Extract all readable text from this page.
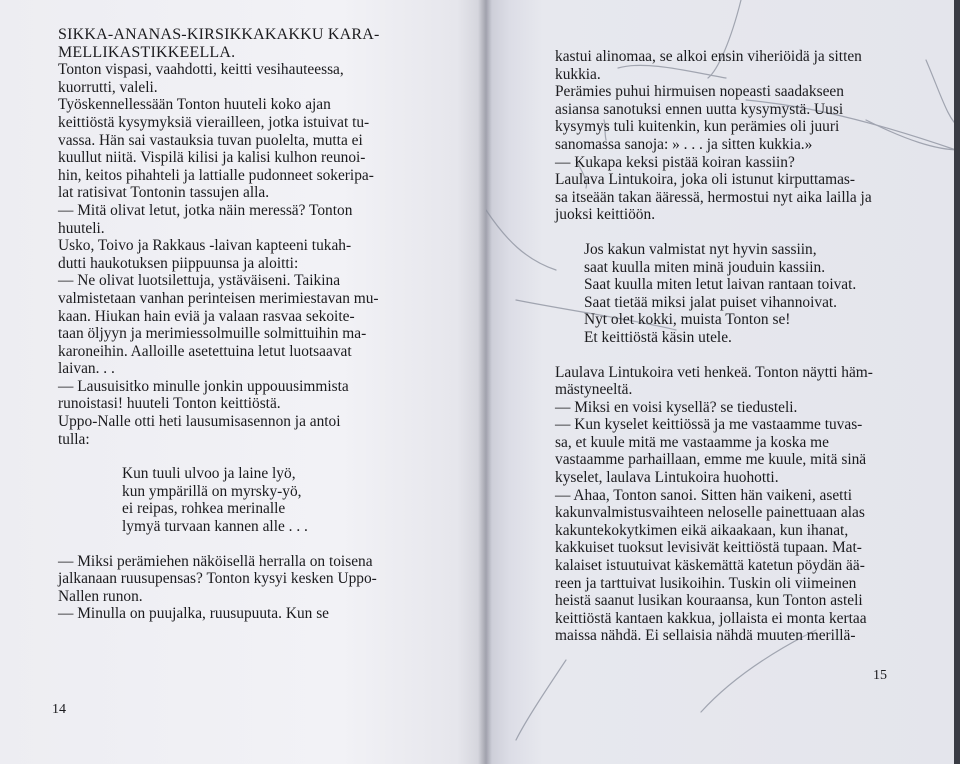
SIKKA-ANANAS-KIRSIKKAKAKKU KARA-
MELLIKASTIKKEELLA.
Tonton vispasi, vaahdotti, keitti vesihauteessa,
kuorrutti, valeli.
Työskennellessään Tonton huuteli koko ajan
keittiöstä kysymyksiä vierailleen, jotka istuivat tu-
vassa. Hän sai vastauksia tuvan puolelta, mutta ei
kuullut niitä. Vispilä kilisi ja kalisi kulhon reunoi-
hin, keitos pihahteli ja lattialle pudonneet sokeripa-
lat ratisivat Tontonin tassujen alla.
— Mitä olivat letut, jotka näin meressä? Tonton
huuteli.
Usko, Toivo ja Rakkaus -laivan kapteeni tukah-
dutti haukotuksen piippuunsa ja aloitti:
— Ne olivat luotsilettuja, ystäväiseni. Taikina
valmistetaan vanhan perinteisen merimiestavan mu-
kaan. Hiukan hain eviä ja valaan rasvaa sekoite-
taan öljyyn ja merimiessolmuille solmittuihin ma-
karoneihin. Aalloille asetettuina letut luotsaavat
laivan. . .
— Lausuisitko minulle jonkin uppouusimmista
runoistasi! huuteli Tonton keittiöstä.
Uppo-Nalle otti heti lausumisasennon ja antoi
tulla:
Kun tuuli ulvoo ja laine lyö,
kun ympärillä on myrsky-yö,
ei reipas, rohkea merinalle
lymyä turvaan kannen alle . . .
— Miksi perämiehen näköisellä herralla on toisena
jalkanaan ruusupensas? Tonton kysyi kesken Uppo-
Nallen runon.
— Minulla on puujalka, ruusupuuta. Kun se
14
kastui alinomaa, se alkoi ensin viheriöidä ja sitten
kukkia.
Perämies puhui hirmuisen nopeasti saadakseen
asiansa sanotuksi ennen uutta kysymystä. Uusi
kysymys tuli kuitenkin, kun perämies oli juuri
sanomassa sanoja: » . . . ja sitten kukkia.»
— Kukapa keksi pistää koiran kassiin?
Laulava Lintukoira, joka oli istunut kirputtamas-
sa itseään takan ääressä, hermostui nyt aika lailla ja
juoksi keittiöön.
Jos kakun valmistat nyt hyvin sassiin,
saat kuulla miten minä jouduin kassiin.
Saat kuulla miten letut laivan rantaan toivat.
Saat tietää miksi jalat puiset vihannoivat.
Nyt olet kokki, muista Tonton se!
Et keittiöstä käsin utele.
Laulava Lintukoira veti henkeä. Tonton näytti häm-
mästyneeltä.
— Miksi en voisi kysellä? se tiedusteli.
— Kun kyselet keittiössä ja me vastaamme tuvas-
sa, et kuule mitä me vastaamme ja koska me
vastaamme parhaillaan, emme me kuule, mitä sinä
kyselet, laulava Lintukoira huohotti.
— Ahaa, Tonton sanoi. Sitten hän vaikeni, asetti
kakunvalmistusvaihteen neloselle painettuaan alas
kakuntekokytkimen eikä aikaakaan, kun ihanat,
kakkuiset tuoksut levisivät keittiöstä tupaan. Mat-
kalaiset istuutuivat käskemättä katetun pöydän ää-
reen ja tarttuivat lusikoihin. Tuskin oli viimeinen
heistä saanut lusikan kouraansa, kun Tonton asteli
keittiöstä kantaen kakkua, jollaista ei monta kertaa
maissa nähdä. Ei sellaisia nähdä muuten merillä-
15
